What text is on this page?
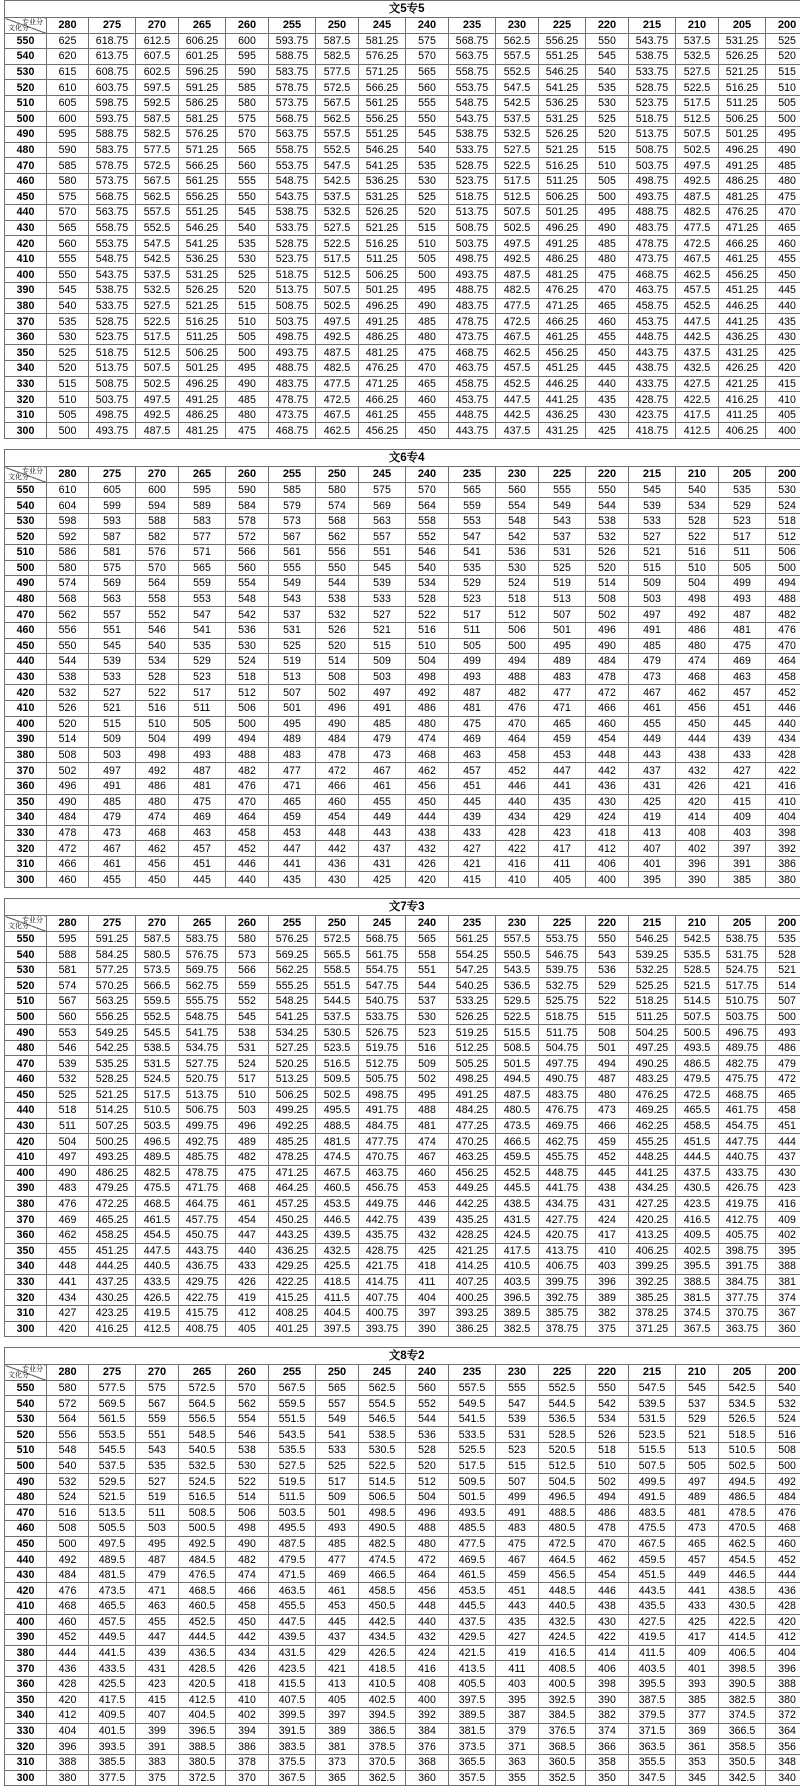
文5专5																	

专业分
文化分	280	275	270	265	260	255	250	245	240	235	230	225	220	215	210	205	200
550	625	618.75	612.5	606.25	600	593.75	587.5	581.25	575	568.75	562.5	556.25	550	543.75	537.5	531.25	525
540	620	613.75	607.5	601.25	595	588.75	582.5	576.25	570	563.75	557.5	551.25	545	538.75	532.5	526.25	520
530	615	608.75	602.5	596.25	590	583.75	577.5	571.25	565	558.75	552.5	546.25	540	533.75	527.5	521.25	515
520	610	603.75	597.5	591.25	585	578.75	572.5	566.25	560	553.75	547.5	541.25	535	528.75	522.5	516.25	510
510	605	598.75	592.5	586.25	580	573.75	567.5	561.25	555	548.75	542.5	536.25	530	523.75	517.5	511.25	505
500	600	593.75	587.5	581.25	575	568.75	562.5	556.25	550	543.75	537.5	531.25	525	518.75	512.5	506.25	500
490	595	588.75	582.5	576.25	570	563.75	557.5	551.25	545	538.75	532.5	526.25	520	513.75	507.5	501.25	495
480	590	583.75	577.5	571.25	565	558.75	552.5	546.25	540	533.75	527.5	521.25	515	508.75	502.5	496.25	490
470	585	578.75	572.5	566.25	560	553.75	547.5	541.25	535	528.75	522.5	516.25	510	503.75	497.5	491.25	485
460	580	573.75	567.5	561.25	555	548.75	542.5	536.25	530	523.75	517.5	511.25	505	498.75	492.5	486.25	480
450	575	568.75	562.5	556.25	550	543.75	537.5	531.25	525	518.75	512.5	506.25	500	493.75	487.5	481.25	475
440	570	563.75	557.5	551.25	545	538.75	532.5	526.25	520	513.75	507.5	501.25	495	488.75	482.5	476.25	470
430	565	558.75	552.5	546.25	540	533.75	527.5	521.25	515	508.75	502.5	496.25	490	483.75	477.5	471.25	465
420	560	553.75	547.5	541.25	535	528.75	522.5	516.25	510	503.75	497.5	491.25	485	478.75	472.5	466.25	460
410	555	548.75	542.5	536.25	530	523.75	517.5	511.25	505	498.75	492.5	486.25	480	473.75	467.5	461.25	455
400	550	543.75	537.5	531.25	525	518.75	512.5	506.25	500	493.75	487.5	481.25	475	468.75	462.5	456.25	450
390	545	538.75	532.5	526.25	520	513.75	507.5	501.25	495	488.75	482.5	476.25	470	463.75	457.5	451.25	445
380	540	533.75	527.5	521.25	515	508.75	502.5	496.25	490	483.75	477.5	471.25	465	458.75	452.5	446.25	440
370	535	528.75	522.5	516.25	510	503.75	497.5	491.25	485	478.75	472.5	466.25	460	453.75	447.5	441.25	435
360	530	523.75	517.5	511.25	505	498.75	492.5	486.25	480	473.75	467.5	461.25	455	448.75	442.5	436.25	430
350	525	518.75	512.5	506.25	500	493.75	487.5	481.25	475	468.75	462.5	456.25	450	443.75	437.5	431.25	425
340	520	513.75	507.5	501.25	495	488.75	482.5	476.25	470	463.75	457.5	451.25	445	438.75	432.5	426.25	420
330	515	508.75	502.5	496.25	490	483.75	477.5	471.25	465	458.75	452.5	446.25	440	433.75	427.5	421.25	415
320	510	503.75	497.5	491.25	485	478.75	472.5	466.25	460	453.75	447.5	441.25	435	428.75	422.5	416.25	410
310	505	498.75	492.5	486.25	480	473.75	467.5	461.25	455	448.75	442.5	436.25	430	423.75	417.5	411.25	405
300	500	493.75	487.5	481.25	475	468.75	462.5	456.25	450	443.75	437.5	431.25	425	418.75	412.5	406.25	400
文6专4																	

专业分
文化分	280	275	270	265	260	255	250	245	240	235	230	225	220	215	210	205	200
550	610	605	600	595	590	585	580	575	570	565	560	555	550	545	540	535	530
540	604	599	594	589	584	579	574	569	564	559	554	549	544	539	534	529	524
530	598	593	588	583	578	573	568	563	558	553	548	543	538	533	528	523	518
520	592	587	582	577	572	567	562	557	552	547	542	537	532	527	522	517	512
510	586	581	576	571	566	561	556	551	546	541	536	531	526	521	516	511	506
500	580	575	570	565	560	555	550	545	540	535	530	525	520	515	510	505	500
490	574	569	564	559	554	549	544	539	534	529	524	519	514	509	504	499	494
480	568	563	558	553	548	543	538	533	528	523	518	513	508	503	498	493	488
470	562	557	552	547	542	537	532	527	522	517	512	507	502	497	492	487	482
460	556	551	546	541	536	531	526	521	516	511	506	501	496	491	486	481	476
450	550	545	540	535	530	525	520	515	510	505	500	495	490	485	480	475	470
440	544	539	534	529	524	519	514	509	504	499	494	489	484	479	474	469	464
430	538	533	528	523	518	513	508	503	498	493	488	483	478	473	468	463	458
420	532	527	522	517	512	507	502	497	492	487	482	477	472	467	462	457	452
410	526	521	516	511	506	501	496	491	486	481	476	471	466	461	456	451	446
400	520	515	510	505	500	495	490	485	480	475	470	465	460	455	450	445	440
390	514	509	504	499	494	489	484	479	474	469	464	459	454	449	444	439	434
380	508	503	498	493	488	483	478	473	468	463	458	453	448	443	438	433	428
370	502	497	492	487	482	477	472	467	462	457	452	447	442	437	432	427	422
360	496	491	486	481	476	471	466	461	456	451	446	441	436	431	426	421	416
350	490	485	480	475	470	465	460	455	450	445	440	435	430	425	420	415	410
340	484	479	474	469	464	459	454	449	444	439	434	429	424	419	414	409	404
330	478	473	468	463	458	453	448	443	438	433	428	423	418	413	408	403	398
320	472	467	462	457	452	447	442	437	432	427	422	417	412	407	402	397	392
310	466	461	456	451	446	441	436	431	426	421	416	411	406	401	396	391	386
300	460	455	450	445	440	435	430	425	420	415	410	405	400	395	390	385	380
文7专3																	

专业分
文化分	280	275	270	265	260	255	250	245	240	235	230	225	220	215	210	205	200
550	595	591.25	587.5	583.75	580	576.25	572.5	568.75	565	561.25	557.5	553.75	550	546.25	542.5	538.75	535
540	588	584.25	580.5	576.75	573	569.25	565.5	561.75	558	554.25	550.5	546.75	543	539.25	535.5	531.75	528
530	581	577.25	573.5	569.75	566	562.25	558.5	554.75	551	547.25	543.5	539.75	536	532.25	528.5	524.75	521
520	574	570.25	566.5	562.75	559	555.25	551.5	547.75	544	540.25	536.5	532.75	529	525.25	521.5	517.75	514
510	567	563.25	559.5	555.75	552	548.25	544.5	540.75	537	533.25	529.5	525.75	522	518.25	514.5	510.75	507
500	560	556.25	552.5	548.75	545	541.25	537.5	533.75	530	526.25	522.5	518.75	515	511.25	507.5	503.75	500
490	553	549.25	545.5	541.75	538	534.25	530.5	526.75	523	519.25	515.5	511.75	508	504.25	500.5	496.75	493
480	546	542.25	538.5	534.75	531	527.25	523.5	519.75	516	512.25	508.5	504.75	501	497.25	493.5	489.75	486
470	539	535.25	531.5	527.75	524	520.25	516.5	512.75	509	505.25	501.5	497.75	494	490.25	486.5	482.75	479
460	532	528.25	524.5	520.75	517	513.25	509.5	505.75	502	498.25	494.5	490.75	487	483.25	479.5	475.75	472
450	525	521.25	517.5	513.75	510	506.25	502.5	498.75	495	491.25	487.5	483.75	480	476.25	472.5	468.75	465
440	518	514.25	510.5	506.75	503	499.25	495.5	491.75	488	484.25	480.5	476.75	473	469.25	465.5	461.75	458
430	511	507.25	503.5	499.75	496	492.25	488.5	484.75	481	477.25	473.5	469.75	466	462.25	458.5	454.75	451
420	504	500.25	496.5	492.75	489	485.25	481.5	477.75	474	470.25	466.5	462.75	459	455.25	451.5	447.75	444
410	497	493.25	489.5	485.75	482	478.25	474.5	470.75	467	463.25	459.5	455.75	452	448.25	444.5	440.75	437
400	490	486.25	482.5	478.75	475	471.25	467.5	463.75	460	456.25	452.5	448.75	445	441.25	437.5	433.75	430
390	483	479.25	475.5	471.75	468	464.25	460.5	456.75	453	449.25	445.5	441.75	438	434.25	430.5	426.75	423
380	476	472.25	468.5	464.75	461	457.25	453.5	449.75	446	442.25	438.5	434.75	431	427.25	423.5	419.75	416
370	469	465.25	461.5	457.75	454	450.25	446.5	442.75	439	435.25	431.5	427.75	424	420.25	416.5	412.75	409
360	462	458.25	454.5	450.75	447	443.25	439.5	435.75	432	428.25	424.5	420.75	417	413.25	409.5	405.75	402
350	455	451.25	447.5	443.75	440	436.25	432.5	428.75	425	421.25	417.5	413.75	410	406.25	402.5	398.75	395
340	448	444.25	440.5	436.75	433	429.25	425.5	421.75	418	414.25	410.5	406.75	403	399.25	395.5	391.75	388
330	441	437.25	433.5	429.75	426	422.25	418.5	414.75	411	407.25	403.5	399.75	396	392.25	388.5	384.75	381
320	434	430.25	426.5	422.75	419	415.25	411.5	407.75	404	400.25	396.5	392.75	389	385.25	381.5	377.75	374
310	427	423.25	419.5	415.75	412	408.25	404.5	400.75	397	393.25	389.5	385.75	382	378.25	374.5	370.75	367
300	420	416.25	412.5	408.75	405	401.25	397.5	393.75	390	386.25	382.5	378.75	375	371.25	367.5	363.75	360
文8专2																	

专业分
文化分	280	275	270	265	260	255	250	245	240	235	230	225	220	215	210	205	200
550	580	577.5	575	572.5	570	567.5	565	562.5	560	557.5	555	552.5	550	547.5	545	542.5	540
540	572	569.5	567	564.5	562	559.5	557	554.5	552	549.5	547	544.5	542	539.5	537	534.5	532
530	564	561.5	559	556.5	554	551.5	549	546.5	544	541.5	539	536.5	534	531.5	529	526.5	524
520	556	553.5	551	548.5	546	543.5	541	538.5	536	533.5	531	528.5	526	523.5	521	518.5	516
510	548	545.5	543	540.5	538	535.5	533	530.5	528	525.5	523	520.5	518	515.5	513	510.5	508
500	540	537.5	535	532.5	530	527.5	525	522.5	520	517.5	515	512.5	510	507.5	505	502.5	500
490	532	529.5	527	524.5	522	519.5	517	514.5	512	509.5	507	504.5	502	499.5	497	494.5	492
480	524	521.5	519	516.5	514	511.5	509	506.5	504	501.5	499	496.5	494	491.5	489	486.5	484
470	516	513.5	511	508.5	506	503.5	501	498.5	496	493.5	491	488.5	486	483.5	481	478.5	476
460	508	505.5	503	500.5	498	495.5	493	490.5	488	485.5	483	480.5	478	475.5	473	470.5	468
450	500	497.5	495	492.5	490	487.5	485	482.5	480	477.5	475	472.5	470	467.5	465	462.5	460
440	492	489.5	487	484.5	482	479.5	477	474.5	472	469.5	467	464.5	462	459.5	457	454.5	452
430	484	481.5	479	476.5	474	471.5	469	466.5	464	461.5	459	456.5	454	451.5	449	446.5	444
420	476	473.5	471	468.5	466	463.5	461	458.5	456	453.5	451	448.5	446	443.5	441	438.5	436
410	468	465.5	463	460.5	458	455.5	453	450.5	448	445.5	443	440.5	438	435.5	433	430.5	428
400	460	457.5	455	452.5	450	447.5	445	442.5	440	437.5	435	432.5	430	427.5	425	422.5	420
390	452	449.5	447	444.5	442	439.5	437	434.5	432	429.5	427	424.5	422	419.5	417	414.5	412
380	444	441.5	439	436.5	434	431.5	429	426.5	424	421.5	419	416.5	414	411.5	409	406.5	404
370	436	433.5	431	428.5	426	423.5	421	418.5	416	413.5	411	408.5	406	403.5	401	398.5	396
360	428	425.5	423	420.5	418	415.5	413	410.5	408	405.5	403	400.5	398	395.5	393	390.5	388
350	420	417.5	415	412.5	410	407.5	405	402.5	400	397.5	395	392.5	390	387.5	385	382.5	380
340	412	409.5	407	404.5	402	399.5	397	394.5	392	389.5	387	384.5	382	379.5	377	374.5	372
330	404	401.5	399	396.5	394	391.5	389	386.5	384	381.5	379	376.5	374	371.5	369	366.5	364
320	396	393.5	391	388.5	386	383.5	381	378.5	376	373.5	371	368.5	366	363.5	361	358.5	356
310	388	385.5	383	380.5	378	375.5	373	370.5	368	365.5	363	360.5	358	355.5	353	350.5	348
300	380	377.5	375	372.5	370	367.5	365	362.5	360	357.5	355	352.5	350	347.5	345	342.5	340
